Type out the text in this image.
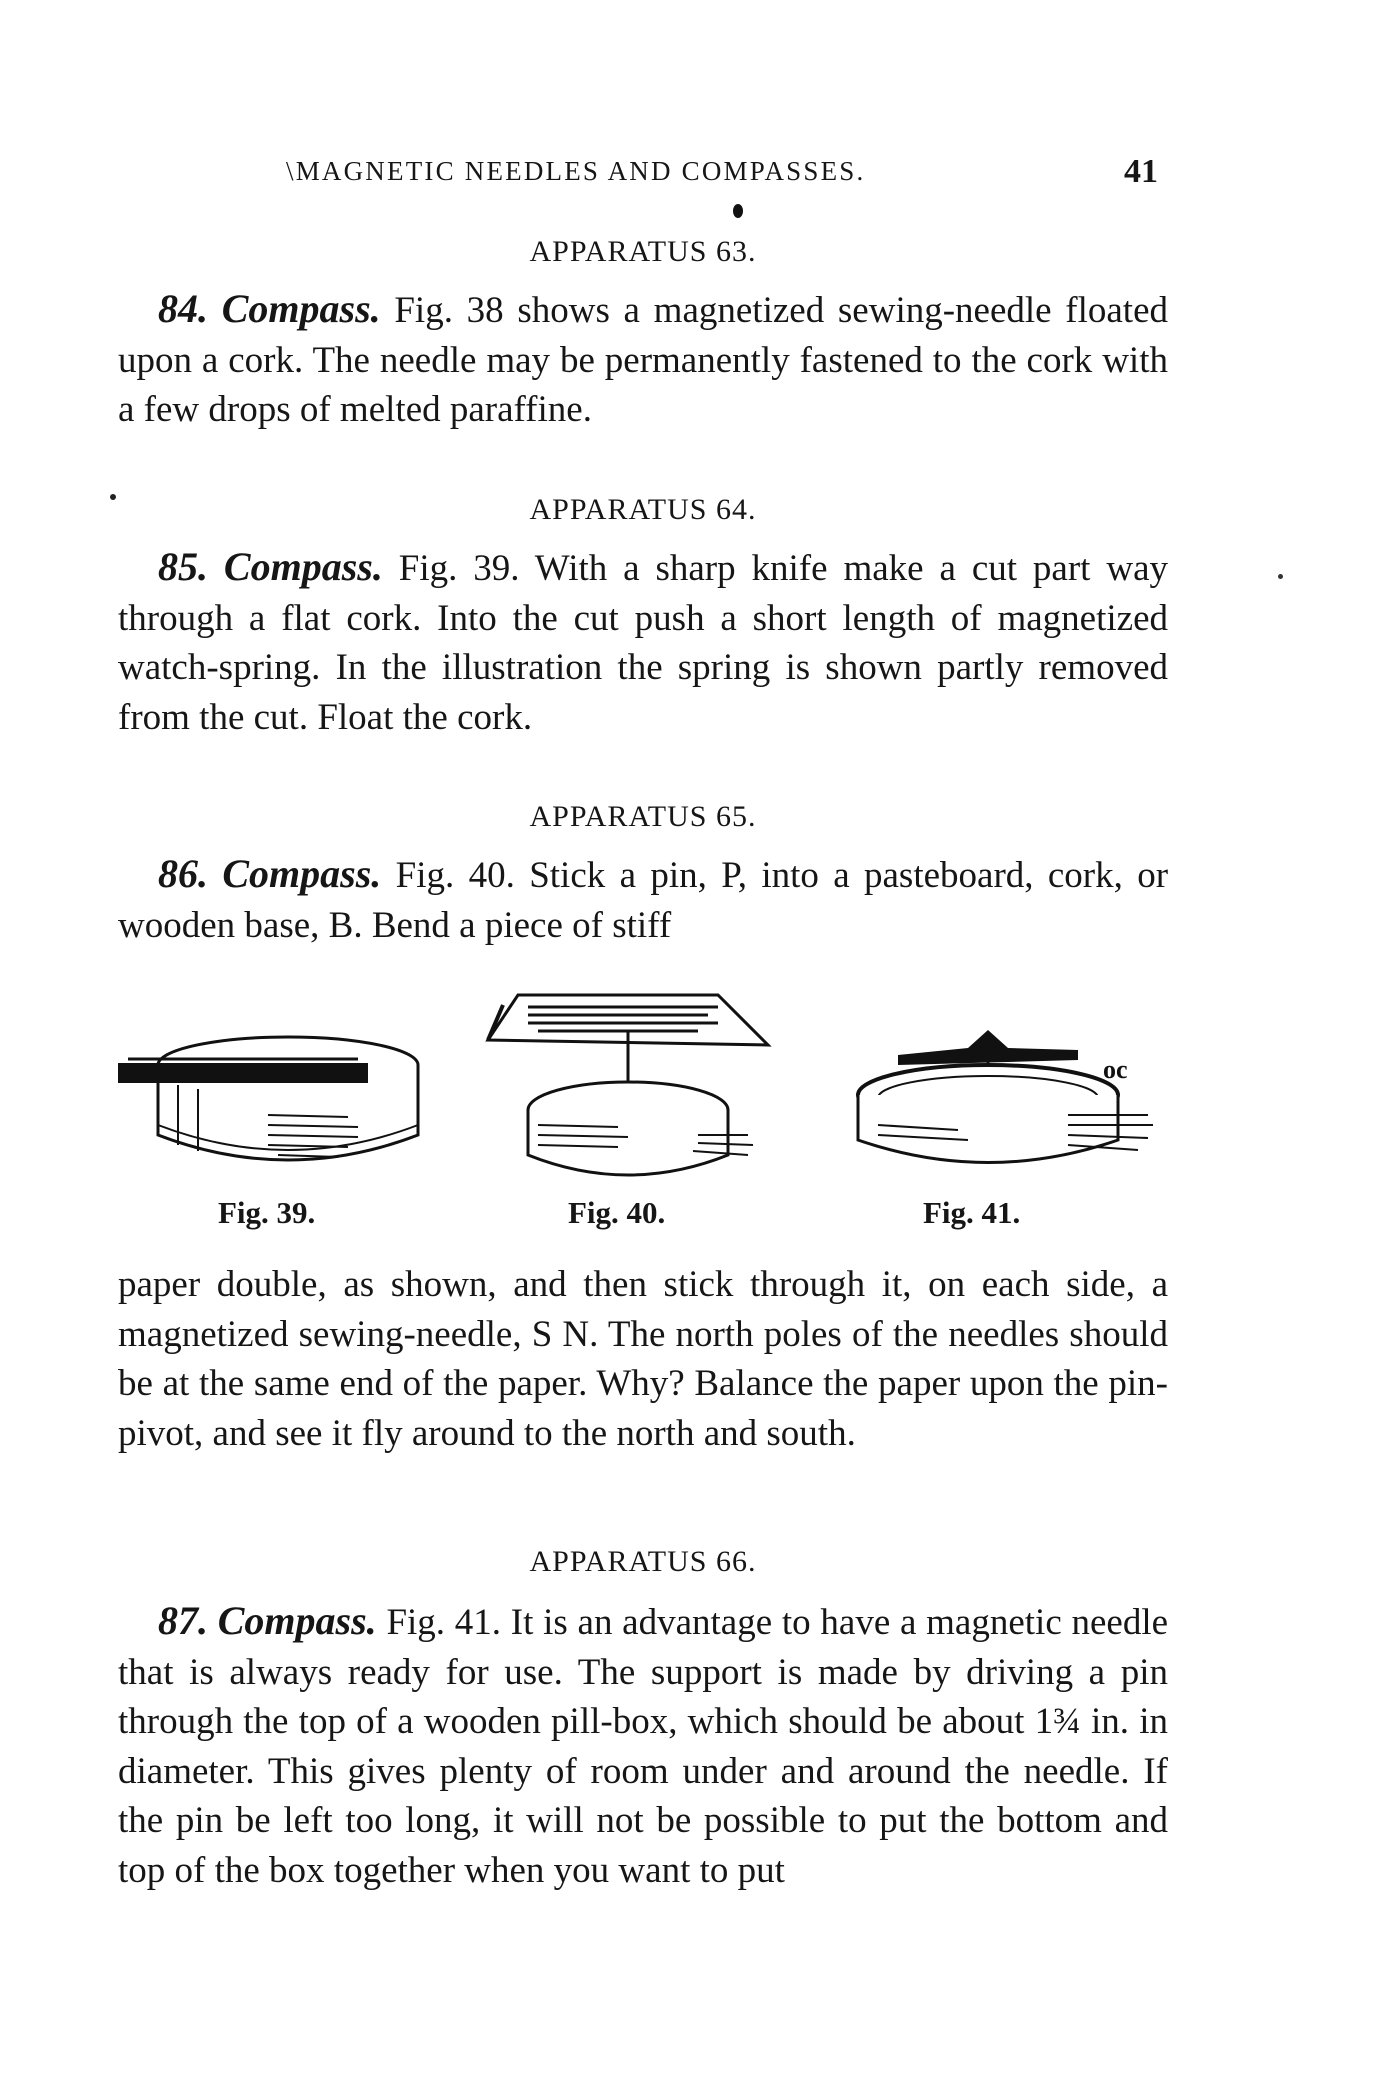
\MAGNETIC NEEDLES AND COMPASSES.	41

APPARATUS 63.

84. Compass. Fig. 38 shows a magnetized sewing-needle floated upon a cork. The needle may be permanently fastened to the cork with a few drops of melted paraffine.

APPARATUS 64.

85. Compass. Fig. 39. With a sharp knife make a cut part way through a flat cork. Into the cut push a short length of magnetized watch-spring. In the illustration the spring is shown partly removed from the cut. Float the cork.

APPARATUS 65.

86. Compass. Fig. 40. Stick a pin, P, into a pasteboard, cork, or wooden base, B. Bend a piece of stiff

Fig. 39.	Fig. 40.
oc
Fig. 41.

paper double, as shown, and then stick through it, on each side, a magnetized sewing-needle, S N. The north poles of the needles should be at the same end of the paper. Why? Balance the paper upon the pin-pivot, and see it fly around to the north and south.

APPARATUS 66.

87. Compass. Fig. 41. It is an advantage to have a magnetic needle that is always ready for use. The support is made by driving a pin through the top of a wooden pill-box, which should be about 1¾ in. in diameter. This gives plenty of room under and around the needle. If the pin be left too long, it will not be possible to put the bottom and top of the box together when you want to put
